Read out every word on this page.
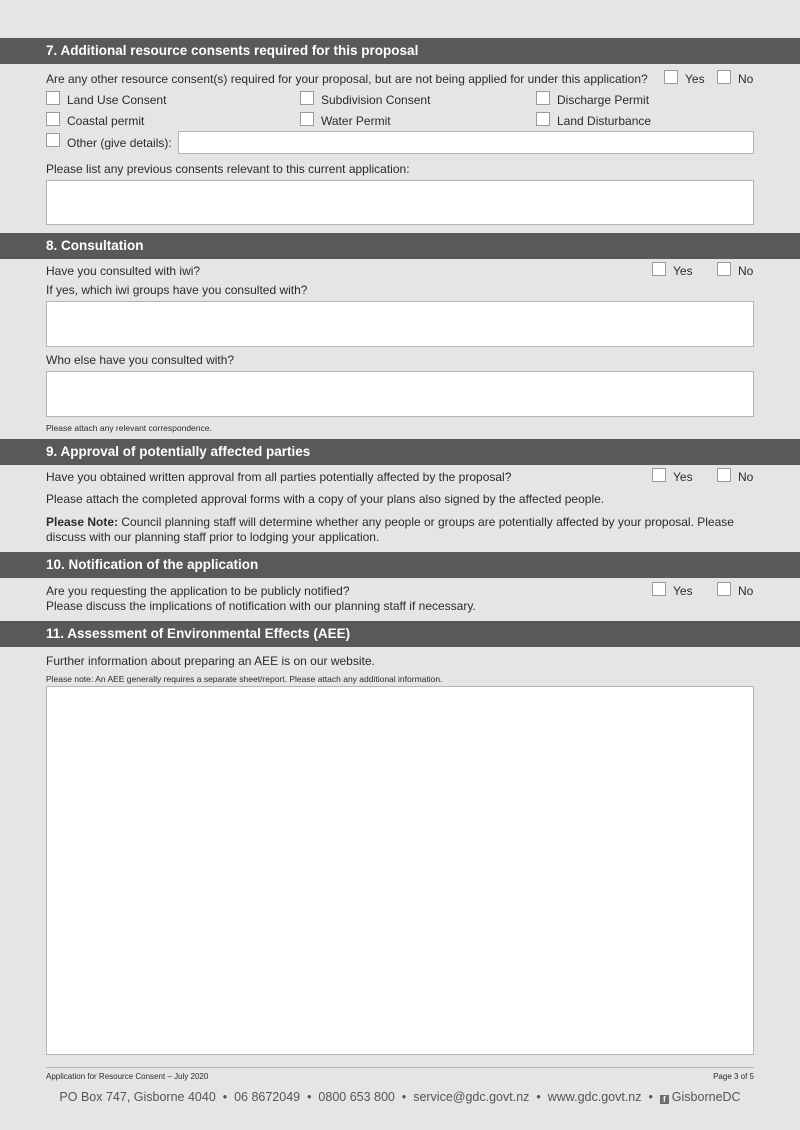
7. Additional resource consents required for this proposal
Are any other resource consent(s) required for your proposal, but are not being applied for under this application?	Yes	No
Land Use Consent	Subdivision Consent	Discharge Permit
Coastal permit	Water Permit	Land Disturbance
Other (give details):
Please list any previous consents relevant to this current application:
8. Consultation
Have you consulted with iwi?	Yes	No
If yes, which iwi groups have you consulted with?
Who else have you consulted with?
Please attach any relevant correspondence.
9. Approval of potentially affected parties
Have you obtained written approval from all parties potentially affected by the proposal?	Yes	No
Please attach the completed approval forms with a copy of your plans also signed by the affected people.
Please Note: Council planning staff will determine whether any people or groups are potentially affected by your proposal. Please discuss with our planning staff prior to lodging your application.
10. Notification of the application
Are you requesting the application to be publicly notified?
Please discuss the implications of notification with our planning staff if necessary.
Yes	No
11. Assessment of Environmental Effects (AEE)
Further information about preparing an AEE is on our website.
Please note: An AEE generally requires a separate sheet/report. Please attach any additional information.
Application for Resource Consent – July 2020	Page 3 of 5
PO Box 747, Gisborne 4040 • 06 8672049 • 0800 653 800 • service@gdc.govt.nz • www.gdc.govt.nz • f GisborneDC
